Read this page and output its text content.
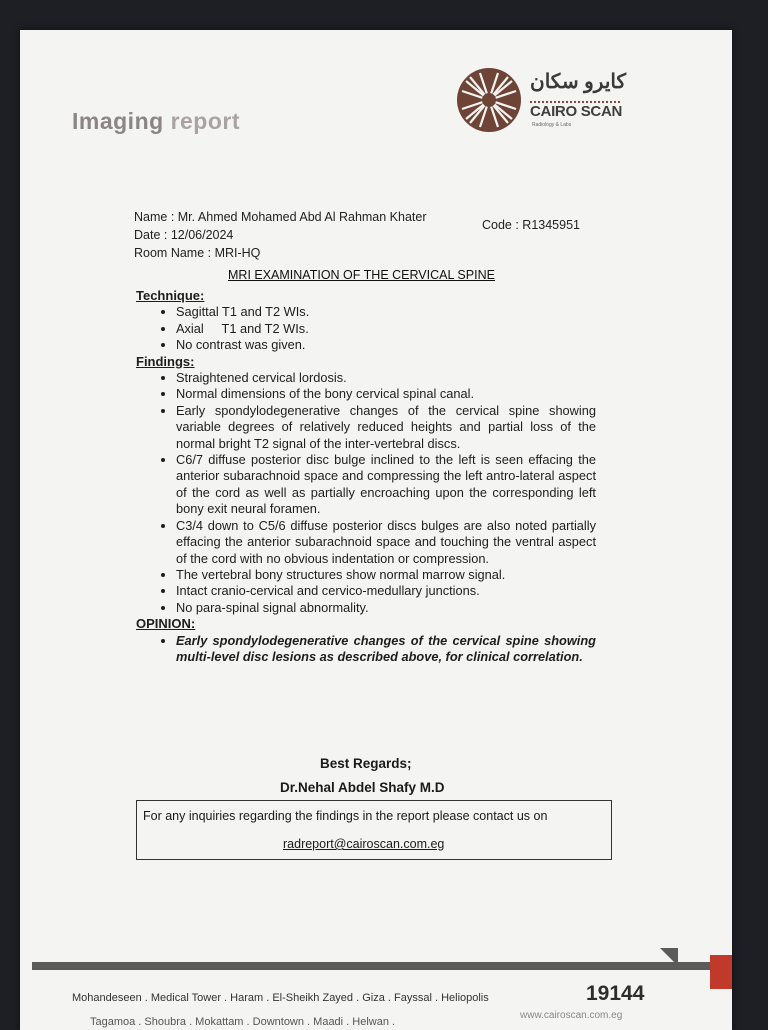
Imaging report
كايرو سكان
CAIRO SCAN
Radiology & Labs
Name : Mr. Ahmed Mohamed Abd Al Rahman Khater
Date : 12/06/2024
Room Name : MRI-HQ
Code : R1345951
MRI EXAMINATION OF THE CERVICAL SPINE

Technique:

• Sagittal T1 and T2 WIs.
• Axial     T1 and T2 WIs.
• No contrast was given.

Findings:

• Straightened cervical lordosis.
• Normal dimensions of the bony cervical spinal canal.
• Early spondylodegenerative changes of the cervical spine showing variable degrees of relatively reduced heights and partial loss of the normal bright T2 signal of the inter-vertebral discs.
• C6/7 diffuse posterior disc bulge inclined to the left is seen effacing the anterior subarachnoid space and compressing the left antro-lateral aspect of the cord as well as partially encroaching upon the corresponding left bony exit neural foramen.
• C3/4 down to C5/6 diffuse posterior discs bulges are also noted partially effacing the anterior subarachnoid space and touching the ventral aspect of the cord with no obvious indentation or compression.
• The vertebral bony structures show normal marrow signal.
• Intact cranio-cervical and cervico-medullary junctions.
• No para-spinal signal abnormality.

OPINION:

• Early spondylodegenerative changes of the cervical spine showing multi-level disc lesions as described above, for clinical correlation.
Best Regards;
Dr.Nehal Abdel Shafy M.D
For any inquiries regarding the findings in the report please contact us on
radreport@cairoscan.com.eg
Mohandeseen . Medical Tower . Haram . El-Sheikh Zayed . Giza . Fayssal . Heliopolis
Tagamoa . Shoubra . Mokattam . Downtown . Maadi . Helwan .
19144
www.cairoscan.com.eg
